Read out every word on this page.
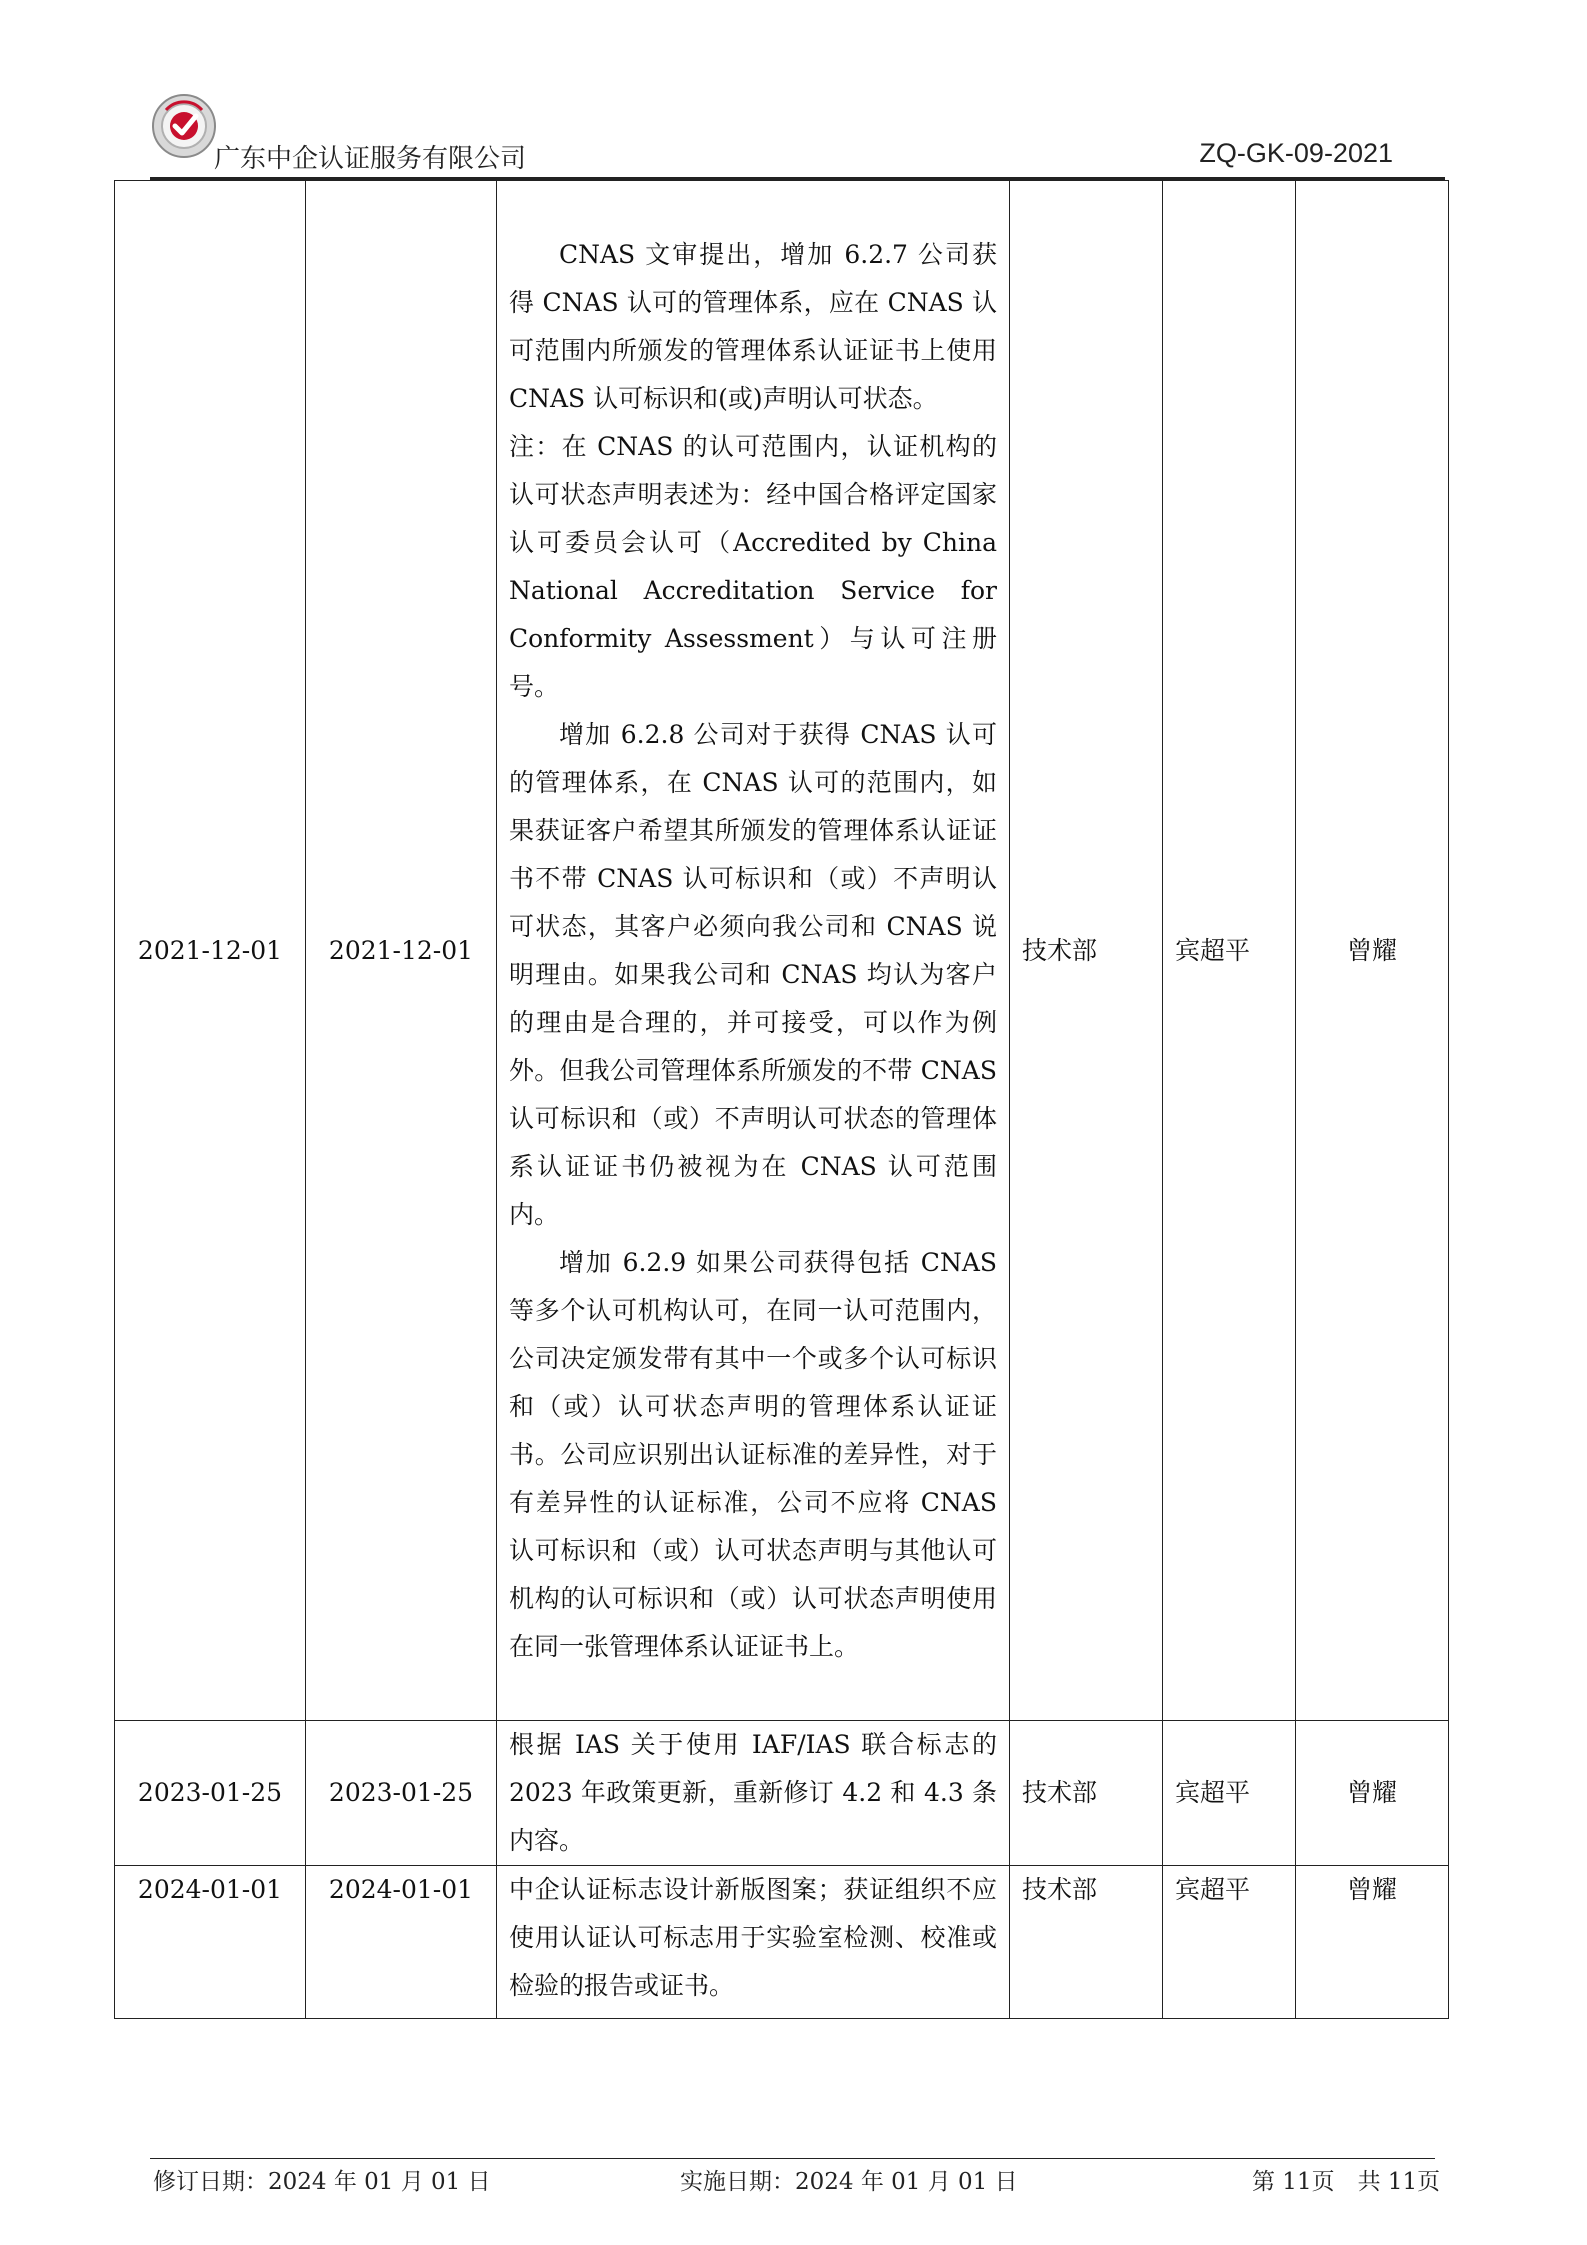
广东中企认证服务有限公司	ZQ-GK-09-2021
2021-12-01	2021-12-01	CNAS 文审提出，增加 6.2.7 公司获得 CNAS 认可的管理体系，应在 CNAS 认可范围内所颁发的管理体系认证证书上使用 CNAS 认可标识和(或)声明认可状态。

注：在 CNAS 的认可范围内，认证机构的认可状态声明表述为：经中国合格评定国家认可委员会认可（Accredited by China National Accreditation Service for Conformity Assessment）与认可注册号。

增加 6.2.8 公司对于获得 CNAS 认可的管理体系，在 CNAS 认可的范围内，如果获证客户希望其所颁发的管理体系认证证书不带 CNAS 认可标识和（或）不声明认可状态，其客户必须向我公司和 CNAS 说明理由。如果我公司和 CNAS 均认为客户的理由是合理的，并可接受，可以作为例外。但我公司管理体系所颁发的不带 CNAS 认可标识和（或）不声明认可状态的管理体系认证证书仍被视为在 CNAS 认可范围内。

增加 6.2.9 如果公司获得包括 CNAS 等多个认可机构认可，在同一认可范围内，公司决定颁发带有其中一个或多个认可标识和（或）认可状态声明的管理体系认证证书。公司应识别出认证标准的差异性，对于有差异性的认证标准，公司不应将 CNAS 认可标识和（或）认可状态声明与其他认可机构的认可标识和（或）认可状态声明使用在同一张管理体系认证证书上。	技术部	宾超平	曾耀
2023-01-25	2023-01-25	根据 IAS 关于使用 IAF/IAS 联合标志的 2023 年政策更新，重新修订 4.2 和 4.3 条内容。	技术部	宾超平	曾耀
2024-01-01	2024-01-01	中企认证标志设计新版图案；获证组织不应使用认证认可标志用于实验室检测、校准或检验的报告或证书。	技术部	宾超平	曾耀
修订日期：2024 年 01 月 01 日	实施日期：2024 年 01 月 01 日	第 11页　共 11页
